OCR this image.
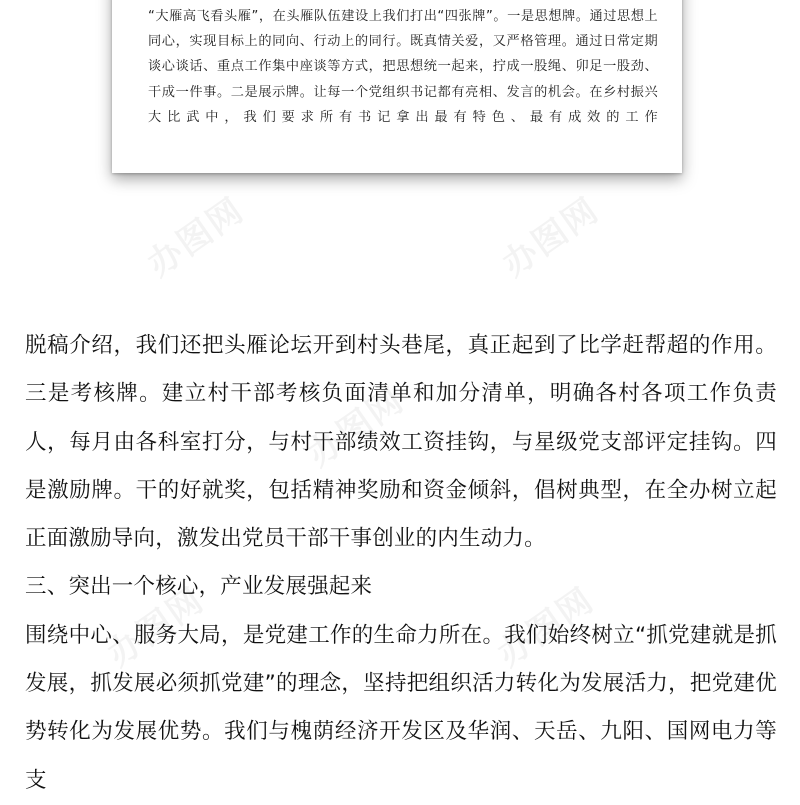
办图网	办图网
办图网
办图网	办图网

“大雁高飞看头雁”，在头雁队伍建设上我们打出“四张牌”。一是思想牌。通过思想上同心，实现目标上的同向、行动上的同行。既真情关爱，又严格管理。通过日常定期谈心谈话、重点工作集中座谈等方式，把思想统一起来，拧成一股绳、卯足一股劲、干成一件事。二是展示牌。让每一个党组织书记都有亮相、发言的机会。在乡村振兴大比武中，我们要求所有书记拿出最有特色、最有成效的工作

脱稿介绍，我们还把头雁论坛开到村头巷尾，真正起到了比学赶帮超的作用。三是考核牌。建立村干部考核负面清单和加分清单，明确各村各项工作负责人，每月由各科室打分，与村干部绩效工资挂钩，与星级党支部评定挂钩。四是激励牌。干的好就奖，包括精神奖励和资金倾斜，倡树典型，在全办树立起正面激励导向，激发出党员干部干事创业的内生动力。

三、突出一个核心，产业发展强起来

围绕中心、服务大局，是党建工作的生命力所在。我们始终树立“抓党建就是抓发展，抓发展必须抓党建”的理念，坚持把组织活力转化为发展活力，把党建优势转化为发展优势。我们与槐荫经济开发区及华润、天岳、九阳、国网电力等支
